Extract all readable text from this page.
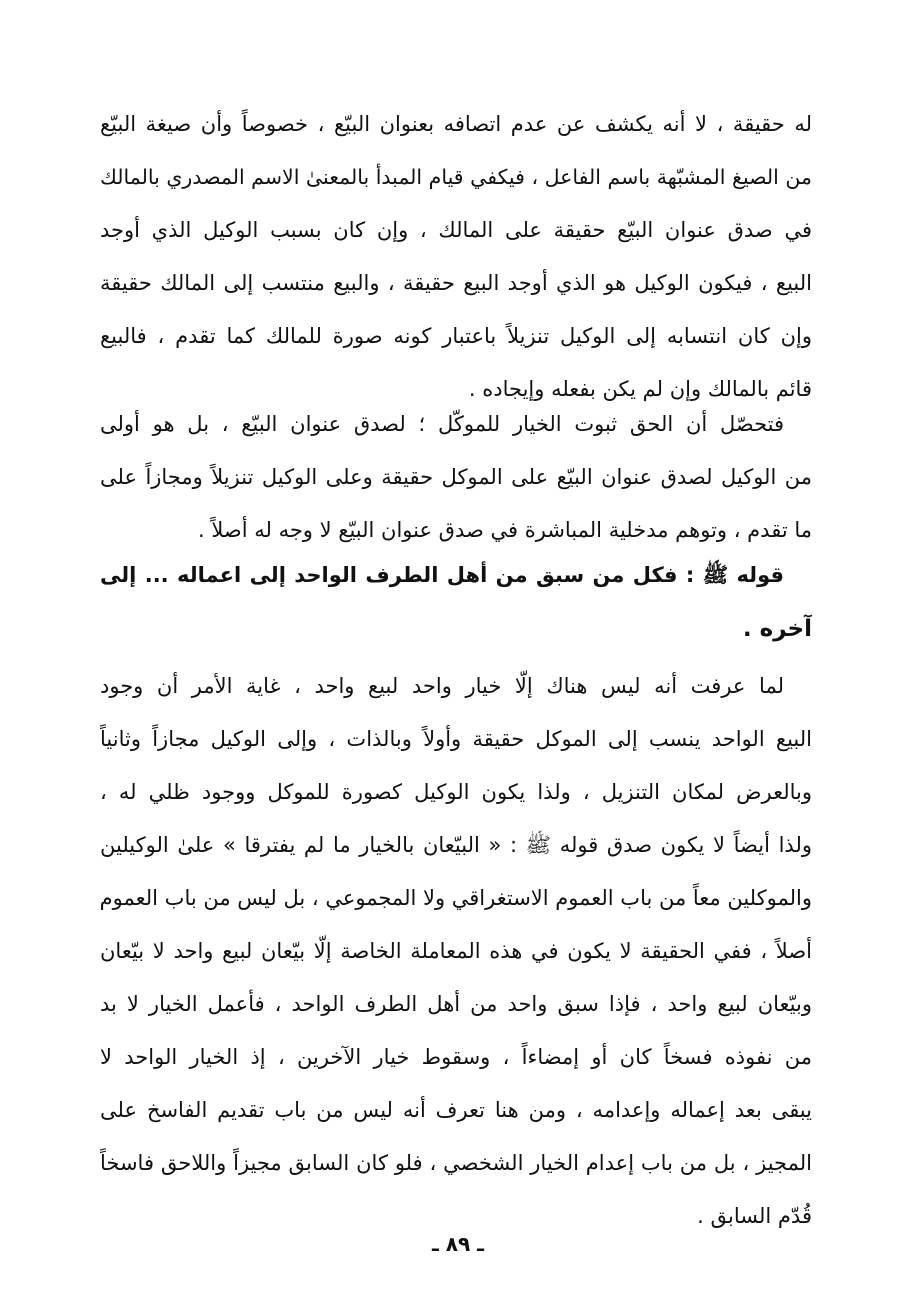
له حقيقة ، لا أنه يكشف عن عدم اتصافه بعنوان البيّع ، خصوصاً وأن صيغة البيّع
من الصيغ المشبّهة باسم الفاعل ، فيكفي قيام المبدأ بالمعنىٰ الاسم المصدري بالمالك
في صدق عنوان البيّع حقيقة على المالك ، وإن كان بسبب الوكيل الذي أوجد
البيع ، فيكون الوكيل هو الذي أوجد البيع حقيقة ، والبيع منتسب إلى المالك حقيقة
وإن كان انتسابه إلى الوكيل تنزيلاً باعتبار كونه صورة للمالك كما تقدم ، فالبيع
قائم بالمالك وإن لم يكن بفعله وإيجاده .
فتحصّل أن الحق ثبوت الخيار للموكّل ؛ لصدق عنوان البيّع ، بل هو أولى
من الوكيل لصدق عنوان البيّع على الموكل حقيقة وعلى الوكيل تنزيلاً ومجازاً على
ما تقدم ، وتوهم مدخلية المباشرة في صدق عنوان البيّع لا وجه له أصلاً .
قوله ﷺ : فكل من سبق من أهل الطرف الواحد إلى اعماله ... إلى
آخره .
لما عرفت أنه ليس هناك إلّا خيار واحد لبيع واحد ، غاية الأمر أن وجود
البيع الواحد ينسب إلى الموكل حقيقة وأولاً وبالذات ، وإلى الوكيل مجازاً وثانياً
وبالعرض لمكان التنزيل ، ولذا يكون الوكيل كصورة للموكل ووجود ظلي له ،
ولذا أيضاً لا يكون صدق قوله ﷺ : « البيّعان بالخيار ما لم يفترقا » علىٰ الوكيلين
والموكلين معاً من باب العموم الاستغراقي ولا المجموعي ، بل ليس من باب العموم
أصلاً ، ففي الحقيقة لا يكون في هذه المعاملة الخاصة إلّا بيّعان لبيع واحد لا بيّعان
وبيّعان لبيع واحد ، فإذا سبق واحد من أهل الطرف الواحد ، فأعمل الخيار لا بد
من نفوذه فسخاً كان أو إمضاءاً ، وسقوط خيار الآخرين ، إذ الخيار الواحد لا
يبقى بعد إعماله وإعدامه ، ومن هنا تعرف أنه ليس من باب تقديم الفاسخ على
المجيز ، بل من باب إعدام الخيار الشخصي ، فلو كان السابق مجيزاً واللاحق فاسخاً
قُدّم السابق .
ـ ٨٩ ـ
